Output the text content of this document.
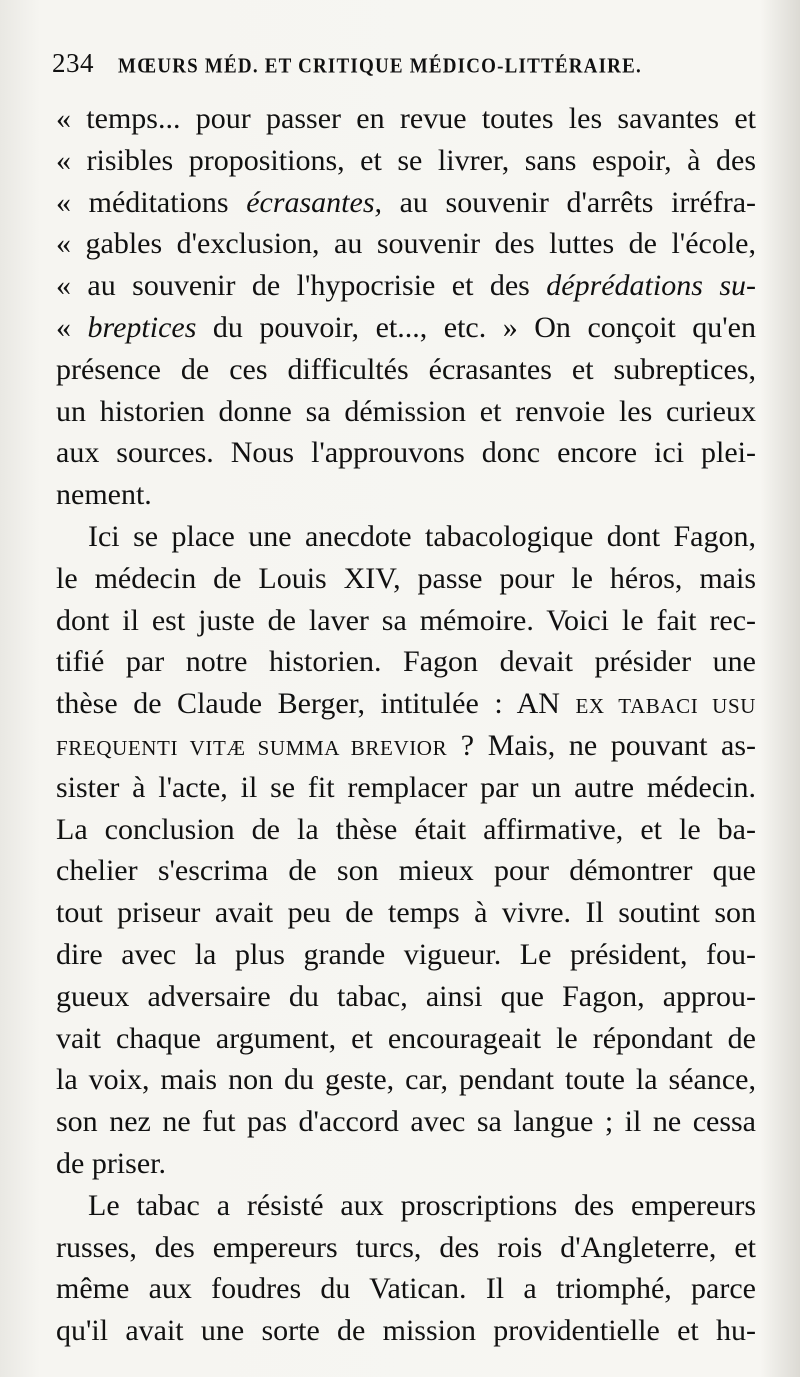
234 MŒURS MÉD. ET CRITIQUE MÉDICO-LITTÉRAIRE.
« temps... pour passer en revue toutes les savantes et
« risibles propositions, et se livrer, sans espoir, à des
« méditations écrasantes, au souvenir d'arrêts irréfra-
« gables d'exclusion, au souvenir des luttes de l'école,
« au souvenir de l'hypocrisie et des déprédations su-
« breptices du pouvoir, et..., etc. » On conçoit qu'en
présence de ces difficultés écrasantes et subreptices,
un historien donne sa démission et renvoie les curieux
aux sources. Nous l'approuvons donc encore ici plei-
nement.
Ici se place une anecdote tabacologique dont Fagon,
le médecin de Louis XIV, passe pour le héros, mais
dont il est juste de laver sa mémoire. Voici le fait rec-
tifié par notre historien. Fagon devait présider une
thèse de Claude Berger, intitulée : AN EX TABACI USU
FREQUENTI VITÆ SUMMA BREVIOR ? Mais, ne pouvant as-
sister à l'acte, il se fit remplacer par un autre médecin.
La conclusion de la thèse était affirmative, et le ba-
chelier s'escrima de son mieux pour démontrer que
tout priseur avait peu de temps à vivre. Il soutint son
dire avec la plus grande vigueur. Le président, fou-
gueux adversaire du tabac, ainsi que Fagon, approu-
vait chaque argument, et encourageait le répondant de
la voix, mais non du geste, car, pendant toute la séance,
son nez ne fut pas d'accord avec sa langue ; il ne cessa
de priser.
Le tabac a résisté aux proscriptions des empereurs
russes, des empereurs turcs, des rois d'Angleterre, et
même aux foudres du Vatican. Il a triomphé, parce
qu'il avait une sorte de mission providentielle et hu-
